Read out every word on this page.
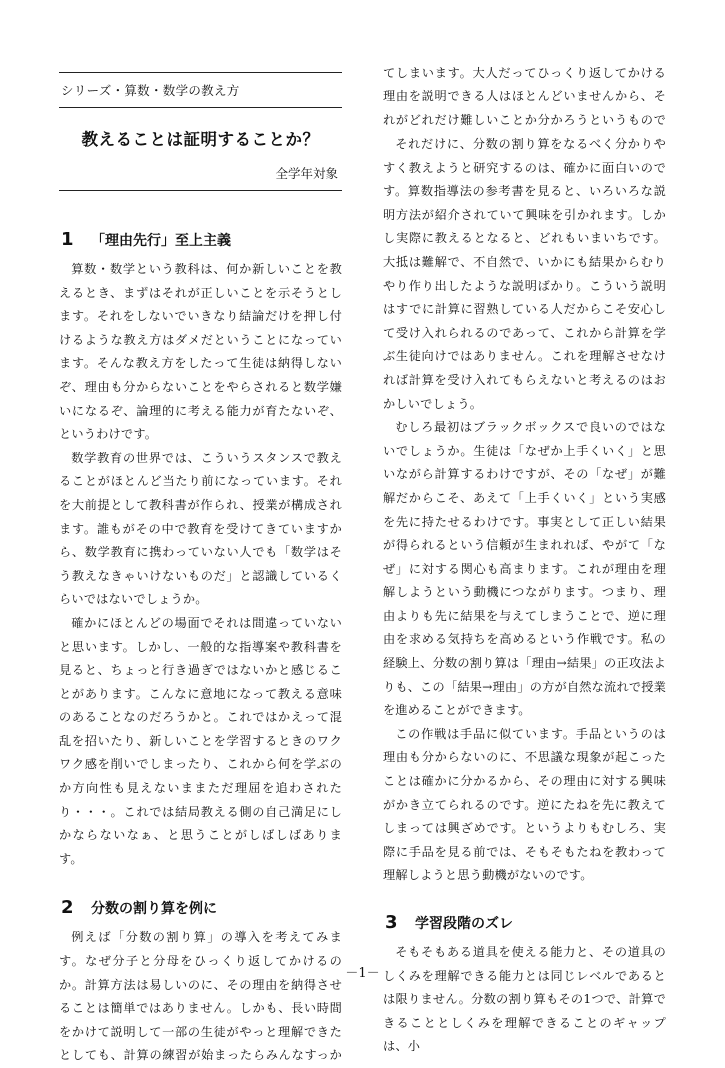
シリーズ・算数・数学の教え方
教えることは証明することか？
全学年対象
1	「理由先行」至上主義

算数・数学という教科は、何か新しいことを教えるとき、まずはそれが正しいことを示そうとします。それをしないでいきなり結論だけを押し付けるような教え方はダメだということになっています。そんな教え方をしたって生徒は納得しないぞ、理由も分からないことをやらされると数学嫌いになるぞ、論理的に考える能力が育たないぞ、というわけです。

数学教育の世界では、こういうスタンスで教えることがほとんど当たり前になっています。それを大前提として教科書が作られ、授業が構成されます。誰もがその中で教育を受けてきていますから、数学教育に携わっていない人でも「数学はそう教えなきゃいけないものだ」と認識しているくらいではないでしょうか。

確かにほとんどの場面でそれは間違っていないと思います。しかし、一般的な指導案や教科書を見ると、ちょっと行き過ぎではないかと感じることがあります。こんなに意地になって教える意味のあることなのだろうかと。これではかえって混乱を招いたり、新しいことを学習するときのワクワク感を削いでしまったり、これから何を学ぶのか方向性も見えないままただ理屈を追わされたり・・・。これでは結局教える側の自己満足にしかならないなぁ、と思うことがしばしばあります。

2	分数の割り算を例に

例えば「分数の割り算」の導入を考えてみます。なぜ分子と分母をひっくり返してかけるのか。計算方法は易しいのに、その理由を納得させることは簡単ではありません。しかも、長い時間をかけて説明して一部の生徒がやっと理解できたとしても、計算の練習が始まったらみんなすっか

てしまいます。大人だってひっくり返してかける理由を説明できる人はほとんどいませんから、それがどれだけ難しいことか分かろうというもので

それだけに、分数の割り算をなるべく分かりやすく教えようと研究するのは、確かに面白いのです。算数指導法の参考書を見ると、いろいろな説明方法が紹介されていて興味を引かれます。しかし実際に教えるとなると、どれもいまいちです。大抵は難解で、不自然で、いかにも結果からむりやり作り出したような説明ばかり。こういう説明はすでに計算に習熟している人だからこそ安心して受け入れられるのであって、これから計算を学ぶ生徒向けではありません。これを理解させなければ計算を受け入れてもらえないと考えるのはおかしいでしょう。

むしろ最初はブラックボックスで良いのではないでしょうか。生徒は「なぜか上手くいく」と思いながら計算するわけですが、その「なぜ」が難解だからこそ、あえて「上手くいく」という実感を先に持たせるわけです。事実として正しい結果が得られるという信頼が生まれれば、やがて「なぜ」に対する関心も高まります。これが理由を理解しようという動機につながります。つまり、理由よりも先に結果を与えてしまうことで、逆に理由を求める気持ちを高めるという作戦です。私の経験上、分数の割り算は「理由→結果」の正攻法よりも、この「結果→理由」の方が自然な流れで授業を進めることができます。

この作戦は手品に似ています。手品というのは理由も分からないのに、不思議な現象が起こったことは確かに分かるから、その理由に対する興味がかき立てられるのです。逆にたねを先に教えてしまっては興ざめです。というよりもむしろ、実際に手品を見る前では、そもそもたねを教わって理解しようと思う動機がないのです。

3	学習段階のズレ

そもそもある道具を使える能力と、その道具のしくみを理解できる能力とは同じレベルであるとは限りません。分数の割り算もその1つで、計算できることとしくみを理解できることのギャップは、小

－1－
